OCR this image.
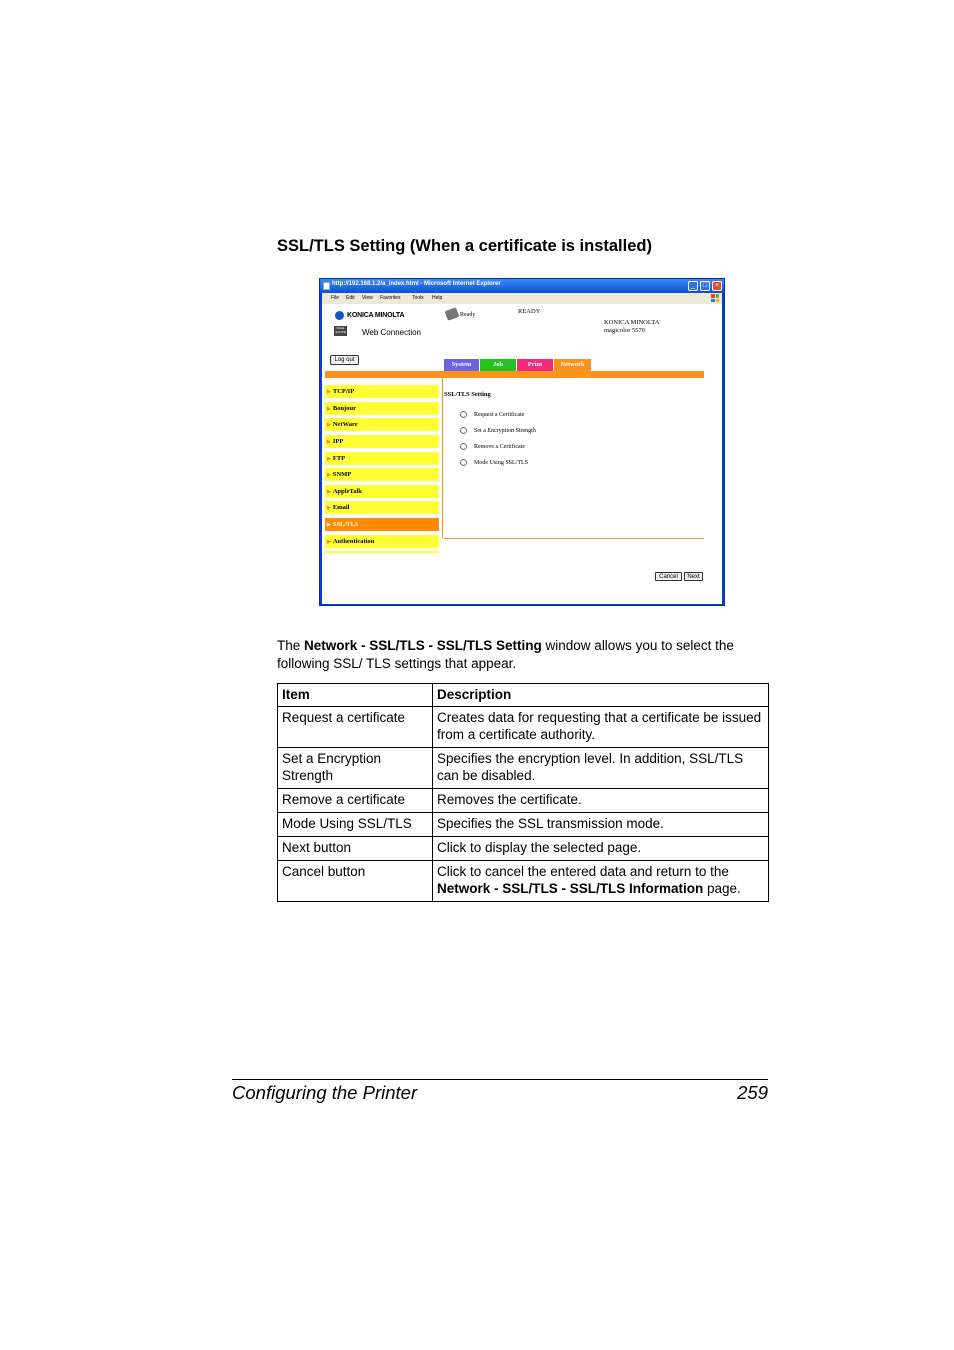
SSL/TLS Setting (When a certificate is installed)
http://192.168.1.2/a_index.html - Microsoft Internet Explorer	_	□	×
File Edit View Favorites Tools Help
KONICA MINOLTA
PAGE SCOPE Web Connection
Ready	READY
KONICA MINOLTA
magicolor 5570
Log out
System	Job	Print	Network
▶ TCP/IP
▶ Bonjour
▶ NetWare
▶ IPP
▶ FTP
▶ SNMP
▶ AppleTalk
▶ Email
▶ SSL/TLS
▶ Authentication
SSL/TLS Setting
Request a Certificate
Set a Encryption Strength
Remove a Certificate
Mode Using SSL/TLS
Cancel	Next
The Network - SSL/TLS - SSL/TLS Setting window allows you to select the following SSL/ TLS settings that appear.
Item	Description
Request a certificate	Creates data for requesting that a certificate be issued from a certificate authority.
Set a Encryption Strength	Specifies the encryption level. In addition, SSL/TLS can be disabled.
Remove a certificate	Removes the certificate.
Mode Using SSL/TLS	Specifies the SSL transmission mode.
Next button	Click to display the selected page.
Cancel button	Click to cancel the entered data and return to the Network - SSL/TLS - SSL/TLS Information page.
Configuring the Printer	259
